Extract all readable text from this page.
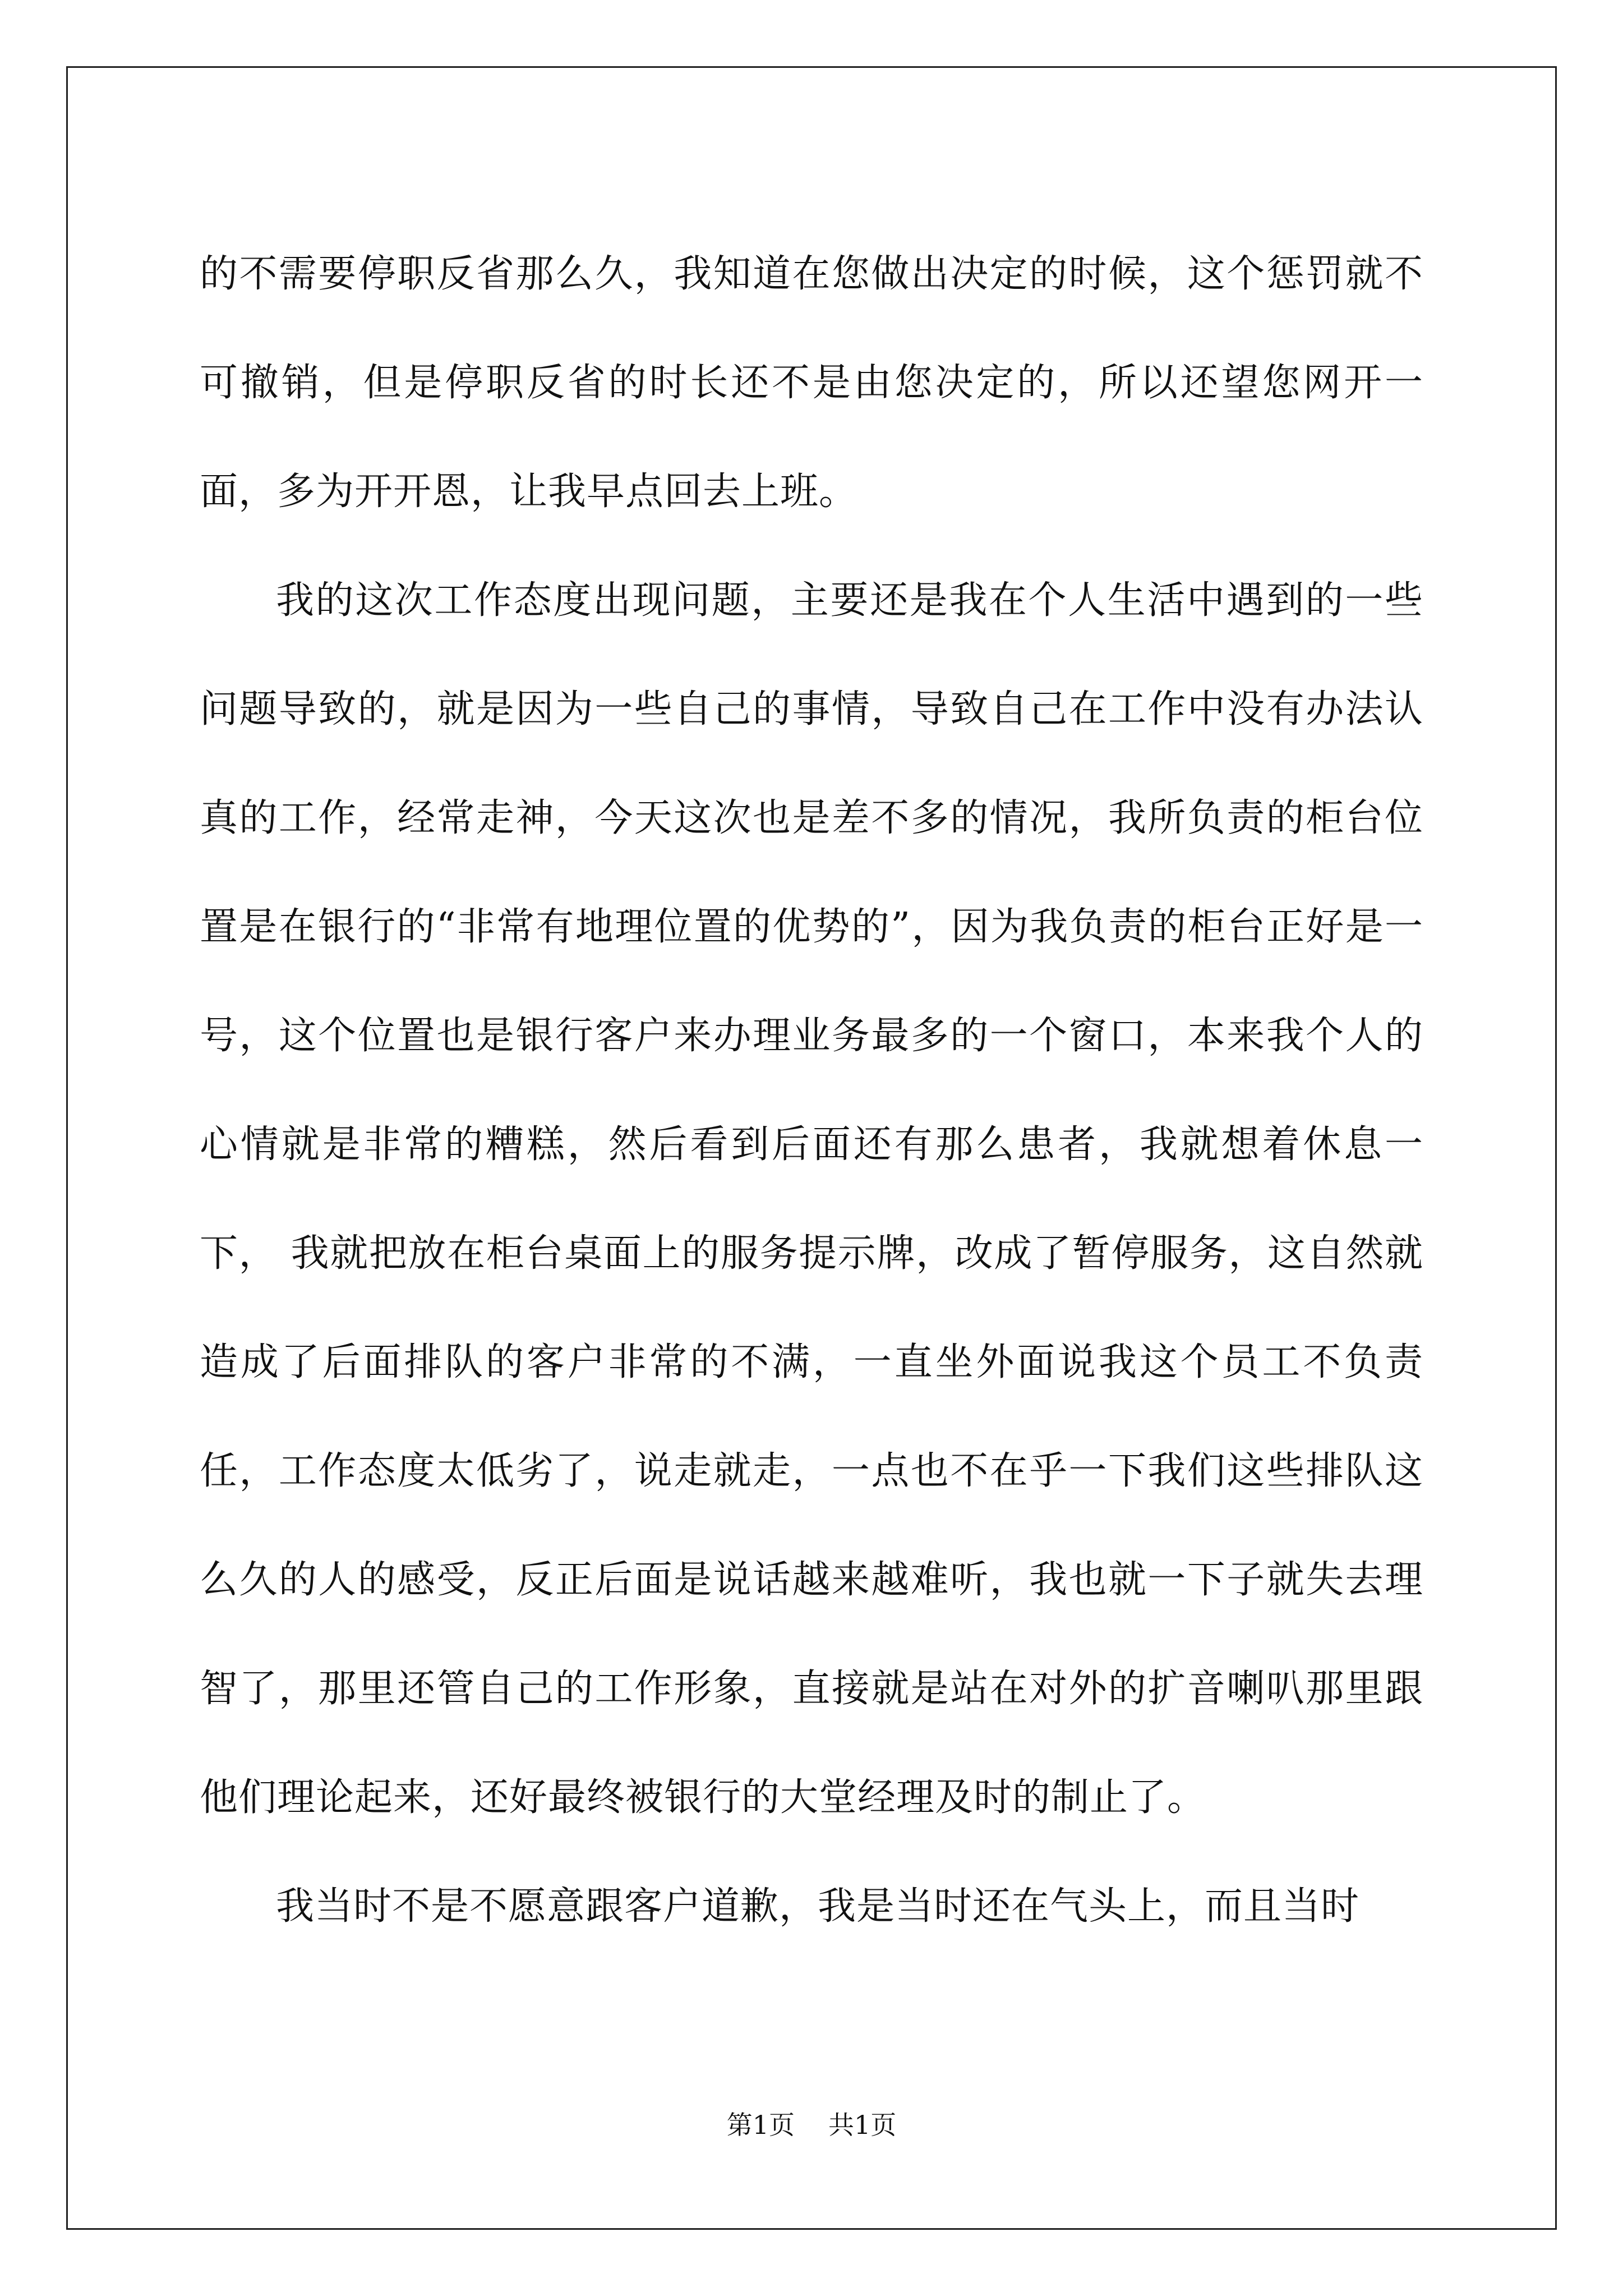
的不需要停职反省那么久，我知道在您做出决定的时候，这个惩罚就不可撤销，但是停职反省的时长还不是由您决定的，所以还望您网开一面，多为开开恩，让我早点回去上班。

我的这次工作态度出现问题，主要还是我在个人生活中遇到的一些问题导致的，就是因为一些自己的事情，导致自己在工作中没有办法认真的工作，经常走神，今天这次也是差不多的情况，我所负责的柜台位置是在银行的“非常有地理位置的优势的”，因为我负责的柜台正好是一号，这个位置也是银行客户来办理业务最多的一个窗口，本来我个人的心情就是非常的糟糕，然后看到后面还有那么患者，我就想着休息一下， 我就把放在柜台桌面上的服务提示牌，改成了暂停服务，这自然就造成了后面排队的客户非常的不满，一直坐外面说我这个员工不负责任，工作态度太低劣了，说走就走，一点也不在乎一下我们这些排队这么久的人的感受，反正后面是说话越来越难听，我也就一下子就失去理智了，那里还管自己的工作形象，直接就是站在对外的扩音喇叭那里跟他们理论起来，还好最终被银行的大堂经理及时的制止了。

我当时不是不愿意跟客户道歉，我是当时还在气头上，而且当时

第1页 共1页
